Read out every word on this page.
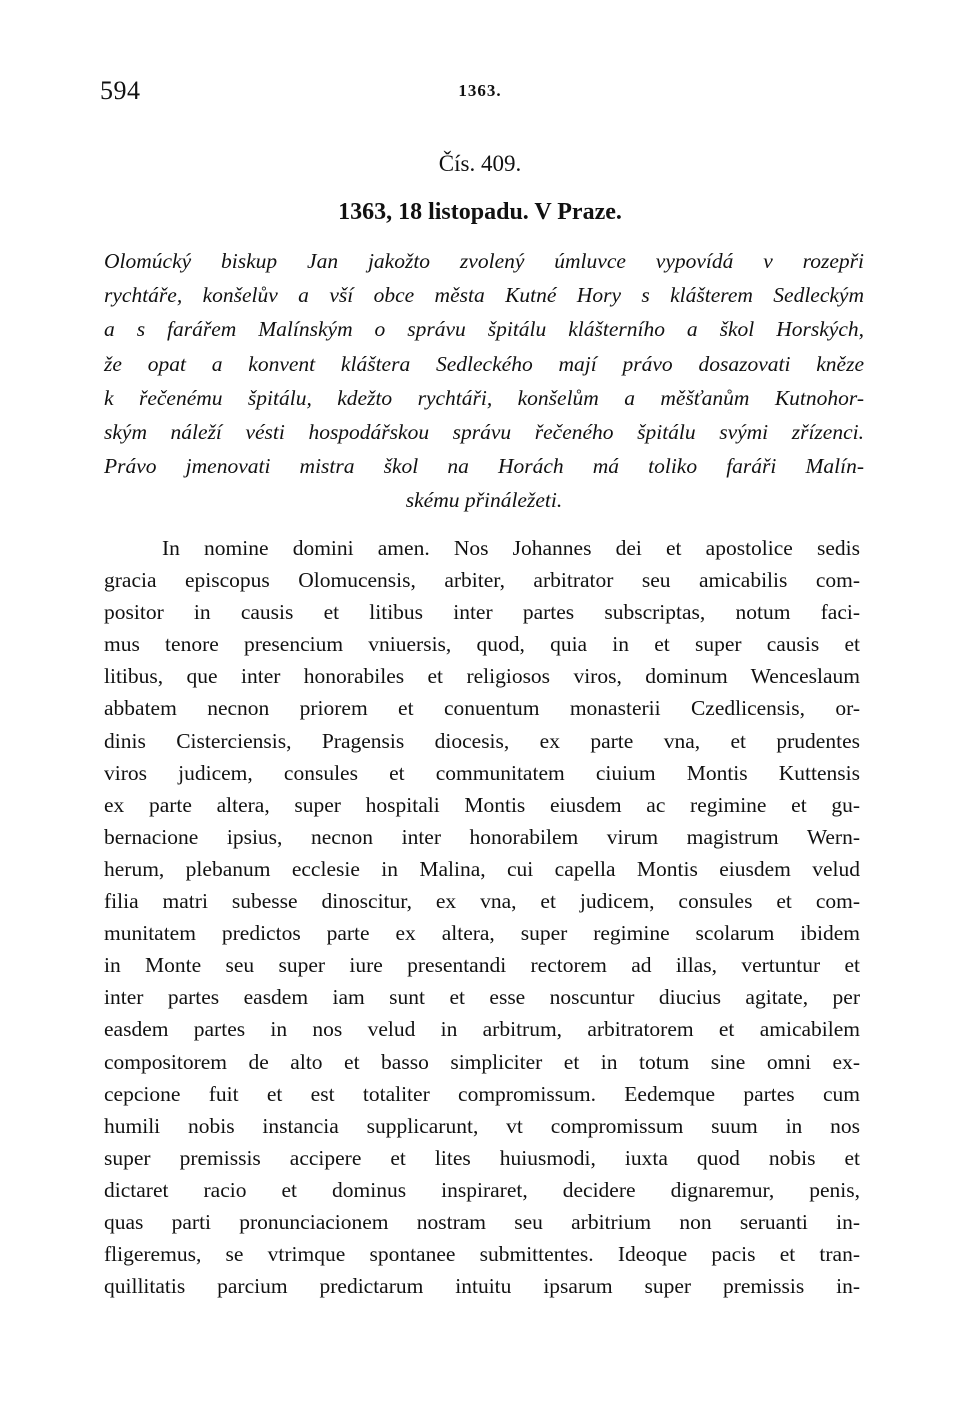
594	1363.
Čís. 409.
1363, 18 listopadu. V Praze.
Olomúcký biskup Jan jakožto zvolený úmluvce vypovídá v rozepři
rychtáře, konšelův a vší obce města Kutné Hory s klášterem Sedleckým
a s farářem Malínským o správu špitálu klášterního a škol Horských,
že opat a konvent kláštera Sedleckého mají právo dosazovati kněze
k řečenému špitálu, kdežto rychtáři, konšelům a měšťanům Kutnohor-
ským náleží vésti hospodářskou správu řečeného špitálu svými zřízenci.
Právo jmenovati mistra škol na Horách má toliko faráři Malín-
skému přináležeti.
In nomine domini amen. Nos Johannes dei et apostolice sedis
gracia episcopus Olomucensis, arbiter, arbitrator seu amicabilis com-
positor in causis et litibus inter partes subscriptas, notum faci-
mus tenore presencium vniuersis, quod, quia in et super causis et
litibus, que inter honorabiles et religiosos viros, dominum Wenceslaum
abbatem necnon priorem et conuentum monasterii Czedlicensis, or-
dinis Cisterciensis, Pragensis diocesis, ex parte vna, et prudentes
viros judicem, consules et communitatem ciuium Montis Kuttensis
ex parte altera, super hospitali Montis eiusdem ac regimine et gu-
bernacione ipsius, necnon inter honorabilem virum magistrum Wern-
herum, plebanum ecclesie in Malina, cui capella Montis eiusdem velud
filia matri subesse dinoscitur, ex vna, et judicem, consules et com-
munitatem predictos parte ex altera, super regimine scolarum ibidem
in Monte seu super iure presentandi rectorem ad illas, vertuntur et
inter partes easdem iam sunt et esse noscuntur diucius agitate, per
easdem partes in nos velud in arbitrum, arbitratorem et amicabilem
compositorem de alto et basso simpliciter et in totum sine omni ex-
cepcione fuit et est totaliter compromissum. Eedemque partes cum
humili nobis instancia supplicarunt, vt compromissum suum in nos
super premissis accipere et lites huiusmodi, iuxta quod nobis et
dictaret racio et dominus inspiraret, decidere dignaremur, penis,
quas parti pronunciacionem nostram seu arbitrium non seruanti in-
fligeremus, se vtrimque spontanee submittentes. Ideoque pacis et tran-
quillitatis parcium predictarum intuitu ipsarum super premissis in-
